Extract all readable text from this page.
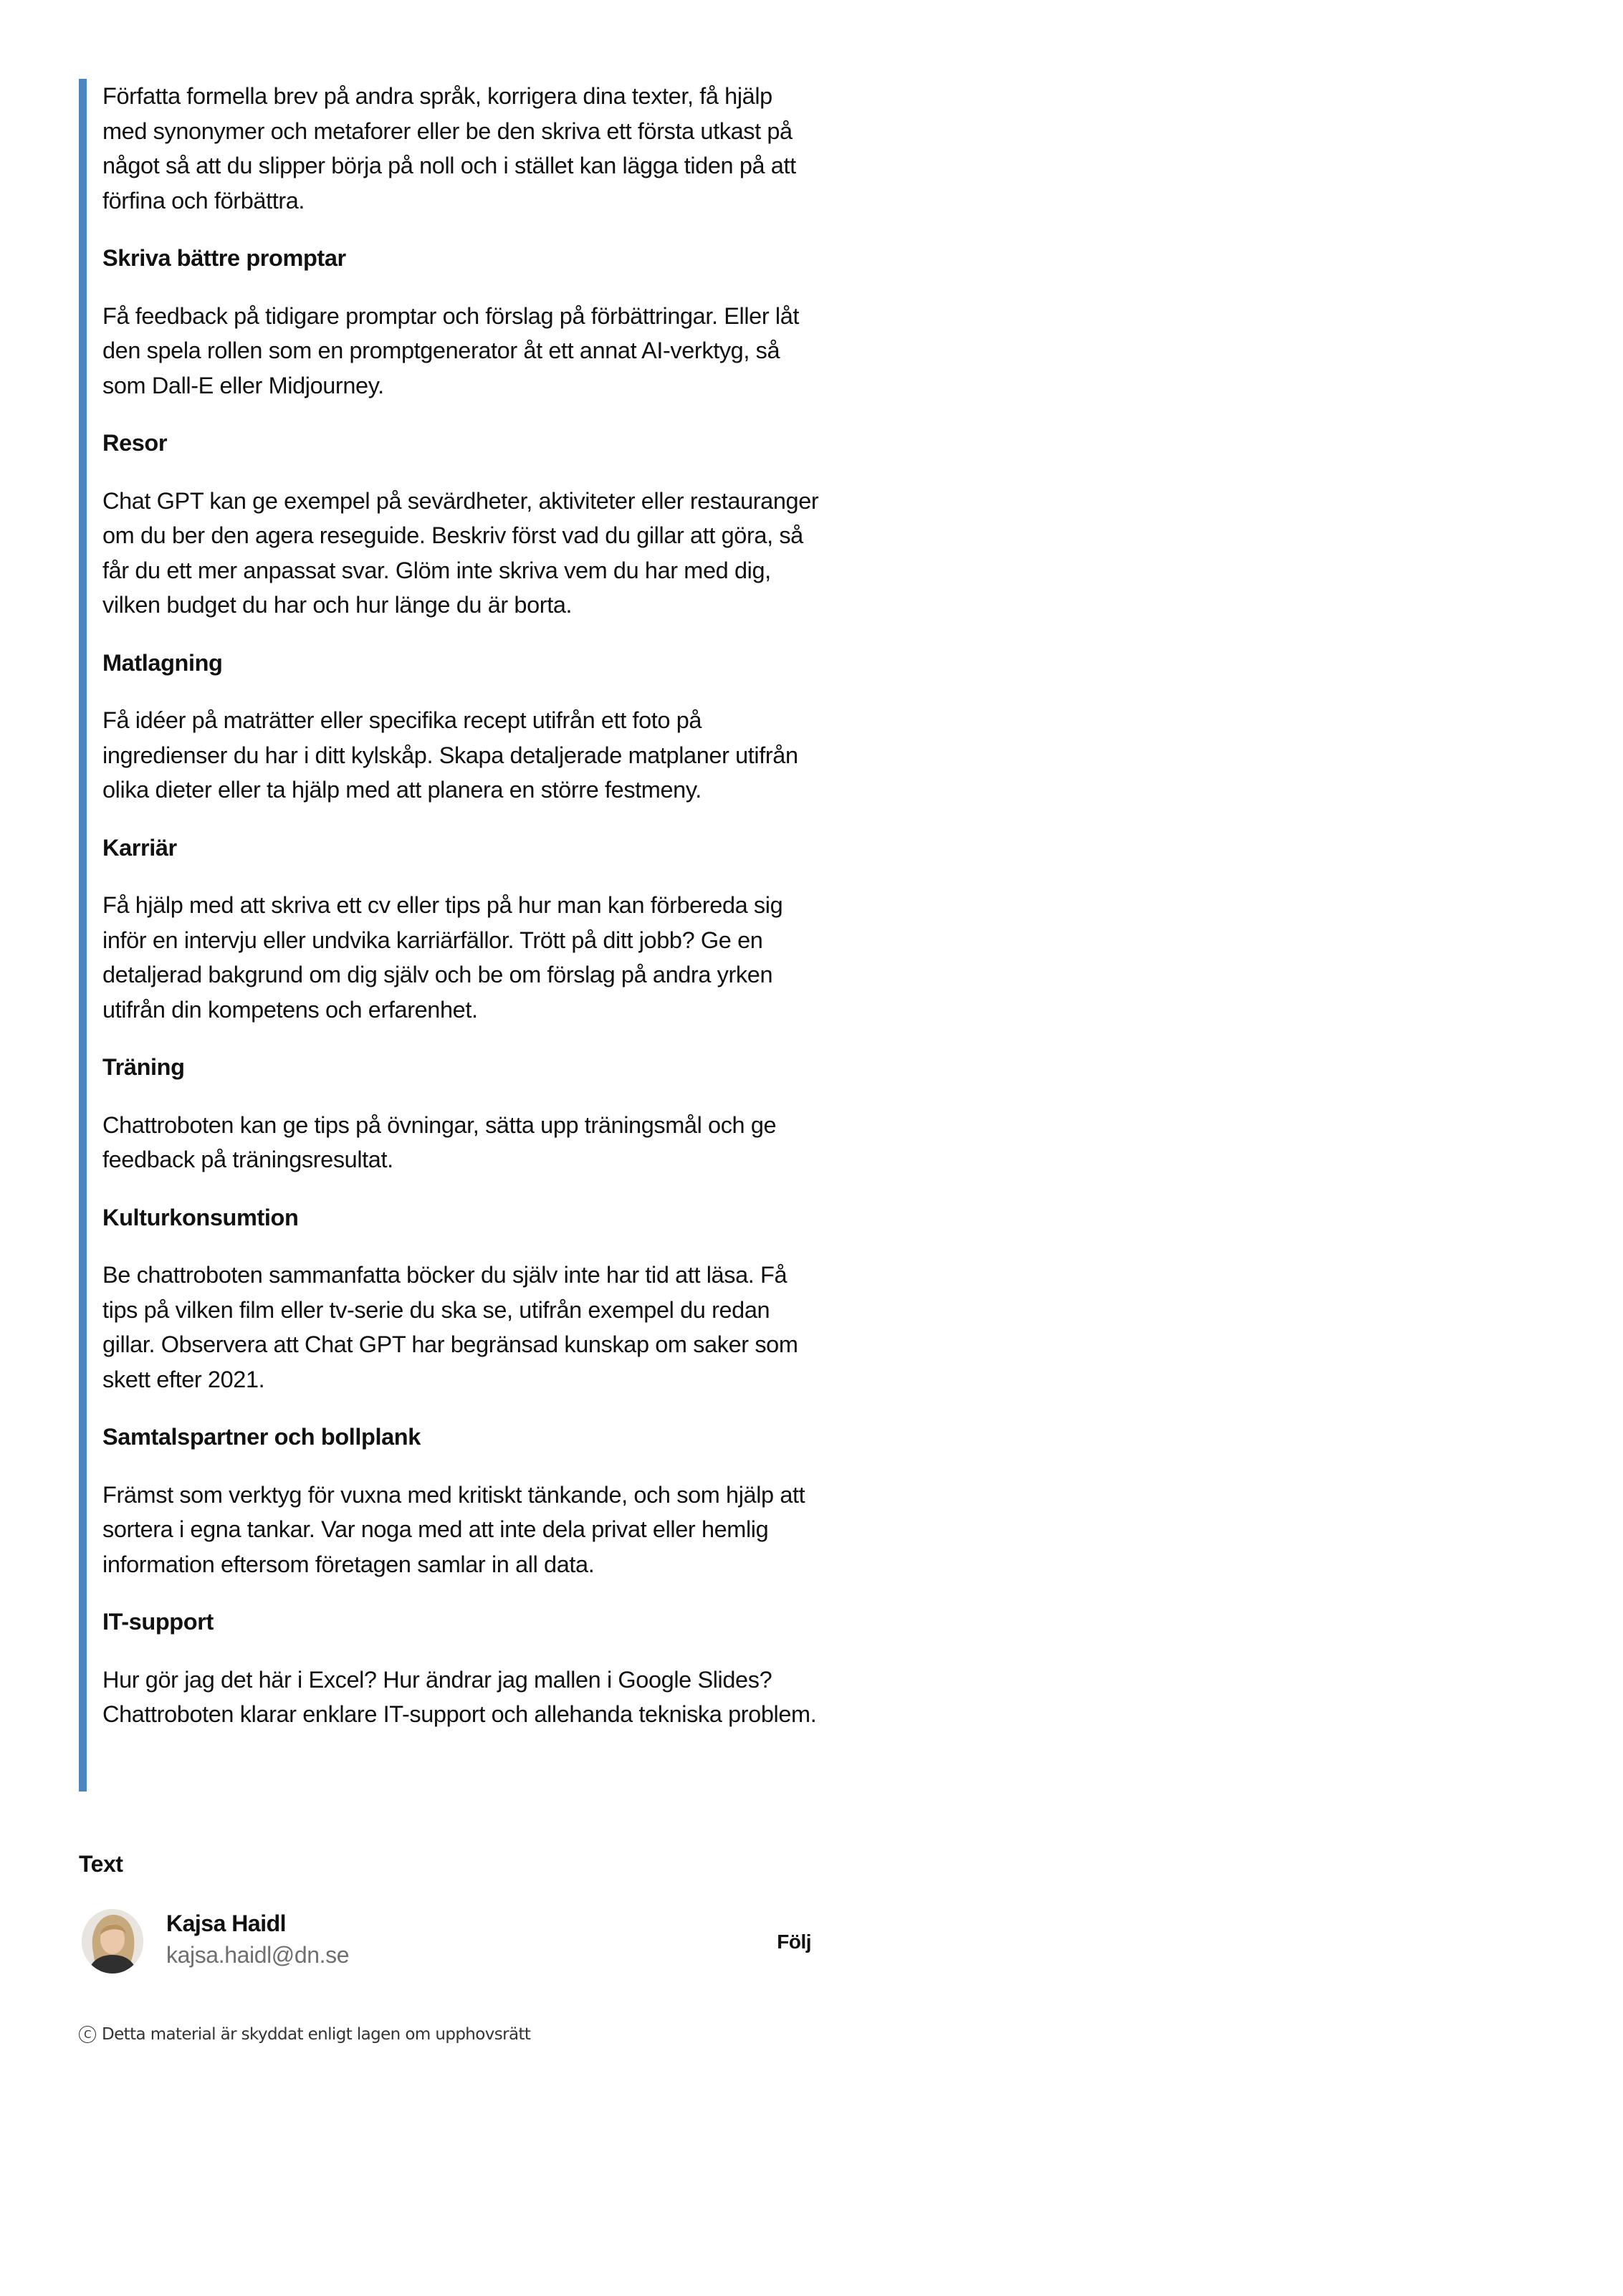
Författa formella brev på andra språk, korrigera dina texter, få hjälp med synonymer och metaforer eller be den skriva ett första utkast på något så att du slipper börja på noll och i stället kan lägga tiden på att förfina och förbättra.

Skriva bättre promptar

Få feedback på tidigare promptar och förslag på förbättringar. Eller låt den spela rollen som en promptgenerator åt ett annat AI-verktyg, så som Dall-E eller Midjourney.

Resor

Chat GPT kan ge exempel på sevärdheter, aktiviteter eller restauranger om du ber den agera reseguide. Beskriv först vad du gillar att göra, så får du ett mer anpassat svar. Glöm inte skriva vem du har med dig, vilken budget du har och hur länge du är borta.

Matlagning

Få idéer på maträtter eller specifika recept utifrån ett foto på ingredienser du har i ditt kylskåp. Skapa detaljerade matplaner utifrån olika dieter eller ta hjälp med att planera en större festmeny.

Karriär

Få hjälp med att skriva ett cv eller tips på hur man kan förbereda sig inför en intervju eller undvika karriärfällor. Trött på ditt jobb? Ge en detaljerad bakgrund om dig själv och be om förslag på andra yrken utifrån din kompetens och erfarenhet.

Träning

Chattroboten kan ge tips på övningar, sätta upp träningsmål och ge feedback på träningsresultat.

Kulturkonsumtion

Be chattroboten sammanfatta böcker du själv inte har tid att läsa. Få tips på vilken film eller tv-serie du ska se, utifrån exempel du redan gillar. Observera att Chat GPT har begränsad kunskap om saker som skett efter 2021.

Samtalspartner och bollplank

Främst som verktyg för vuxna med kritiskt tänkande, och som hjälp att sortera i egna tankar. Var noga med att inte dela privat eller hemlig information eftersom företagen samlar in all data.

IT-support

Hur gör jag det här i Excel? Hur ändrar jag mallen i Google Slides? Chattroboten klarar enklare IT-support och allehanda tekniska problem.

Text

Kajsa Haidl

kajsa.haidl@dn.se

Följ
C Detta material är skyddat enligt lagen om upphovsrätt
